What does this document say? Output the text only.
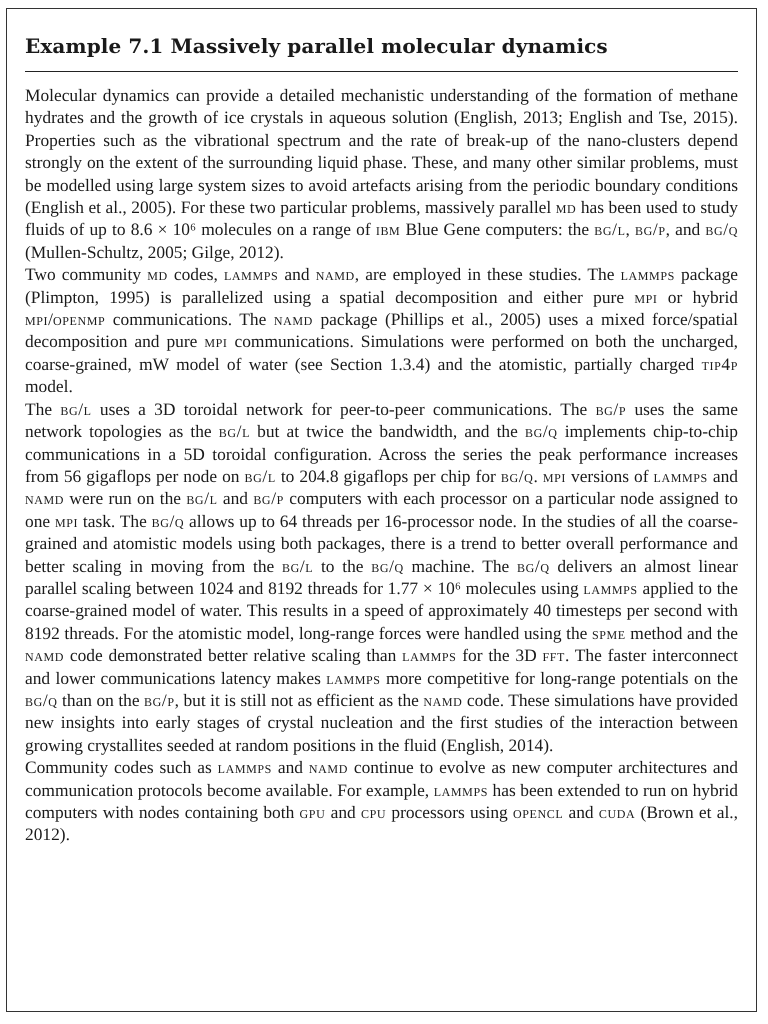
Example 7.1 Massively parallel molecular dynamics

Molecular dynamics can provide a detailed mechanistic understanding of the formation of methane hydrates and the growth of ice crystals in aqueous solution (English, 2013; English and Tse, 2015). Properties such as the vibrational spectrum and the rate of break-up of the nano-clusters depend strongly on the extent of the surrounding liquid phase. These, and many other similar problems, must be modelled using large system sizes to avoid artefacts arising from the periodic boundary conditions (English et al., 2005). For these two particular problems, massively parallel md has been used to study fluids of up to 8.6 × 10⁶ molecules on a range of ibm Blue Gene computers: the bg/l, bg/p, and bg/q (Mullen-Schultz, 2005; Gilge, 2012).

Two community md codes, lammps and namd, are employed in these studies. The lammps package (Plimpton, 1995) is parallelized using a spatial decomposition and either pure mpi or hybrid mpi/openmp communications. The namd package (Phillips et al., 2005) uses a mixed force/spatial decomposition and pure mpi communications. Simulations were performed on both the uncharged, coarse-grained, mW model of water (see Section 1.3.4) and the atomistic, partially charged tip4p model.

The bg/l uses a 3D toroidal network for peer-to-peer communications. The bg/p uses the same network topologies as the bg/l but at twice the bandwidth, and the bg/q implements chip-to-chip communications in a 5D toroidal configuration. Across the series the peak performance increases from 56 gigaflops per node on bg/l to 204.8 gigaflops per chip for bg/q. mpi versions of lammps and namd were run on the bg/l and bg/p computers with each processor on a particular node assigned to one mpi task. The bg/q allows up to 64 threads per 16-processor node. In the studies of all the coarse-grained and atomistic models using both packages, there is a trend to better overall performance and better scaling in moving from the bg/l to the bg/q machine. The bg/q delivers an almost linear parallel scaling between 1024 and 8192 threads for 1.77 × 10⁶ molecules using lammps applied to the coarse-grained model of water. This results in a speed of approximately 40 timesteps per second with 8192 threads. For the atomistic model, long-range forces were handled using the spme method and the namd code demonstrated better relative scaling than lammps for the 3D fft. The faster interconnect and lower communications latency makes lammps more competitive for long-range potentials on the bg/q than on the bg/p, but it is still not as efficient as the namd code. These simulations have provided new insights into early stages of crystal nucleation and the first studies of the interaction between growing crystallites seeded at random positions in the fluid (English, 2014).

Community codes such as lammps and namd continue to evolve as new computer architectures and communication protocols become available. For example, lammps has been extended to run on hybrid computers with nodes containing both gpu and cpu processors using opencl and cuda (Brown et al., 2012).
